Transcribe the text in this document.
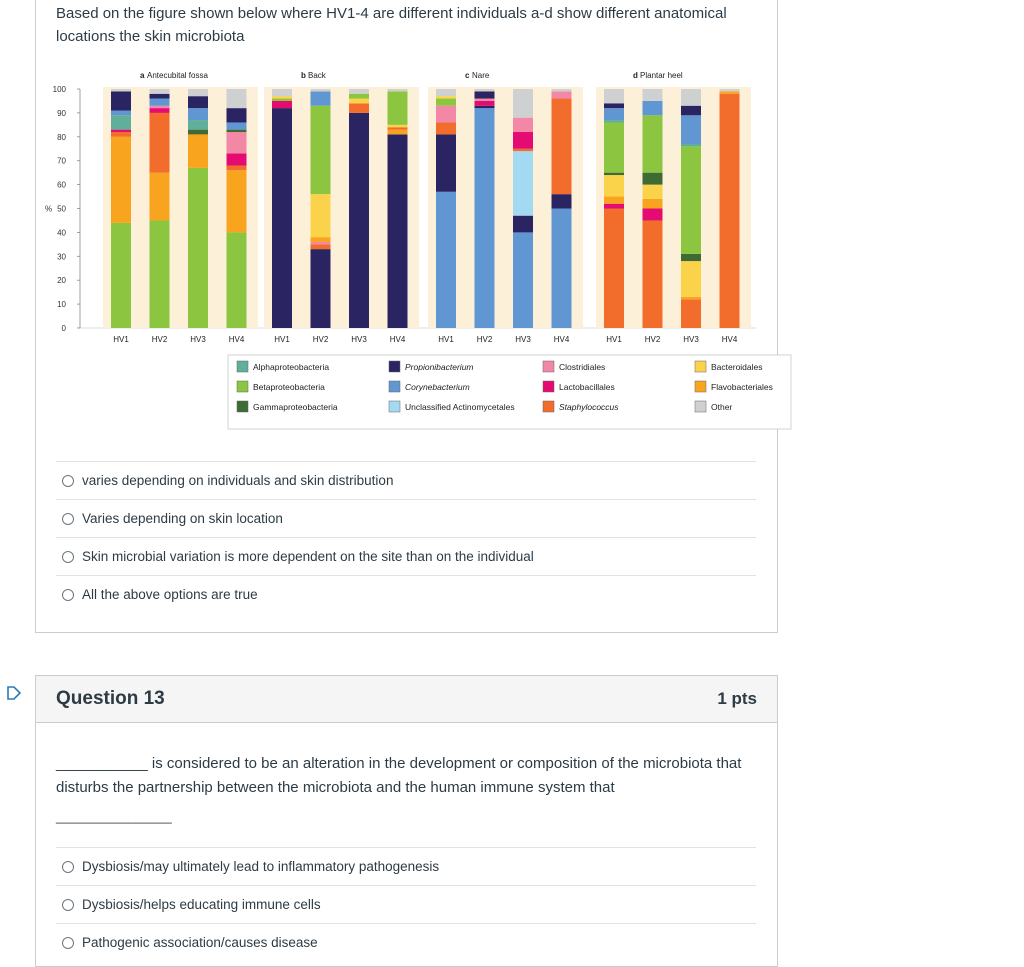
Based on the figure shown below where HV1-4 are different individuals a-d show different anatomical locations the skin microbiota
0
10
20
30
40
50
60
70
80
90
100
%
a Antecubital fossa
HV1	HV2	HV3	HV4
b Back
HV1	HV2	HV3	HV4
c Nare
HV1	HV2	HV3	HV4
d Plantar heel
HV1	HV2	HV3	HV4
Alphaproteobacteria
Betaproteobacteria
Gammaproteobacteria
Propionibacterium
Corynebacterium
Unclassified Actinomycetales
Clostridiales
Lactobacillales
Staphylococcus
Bacteroidales
Flavobacteriales
Other
varies depending on individuals and skin distribution
Varies depending on skin location
Skin microbial variation is more dependent on the site than on the individual
All the above options are true
Question 13	1 pts
___________ is considered to be an alteration in the development or composition of the microbiota that disturbs the partnership between the microbiota and the human immune system that
________________
Dysbiosis/may ultimately lead to inflammatory pathogenesis
Dysbiosis/helps educating immune cells
Pathogenic association/causes disease
